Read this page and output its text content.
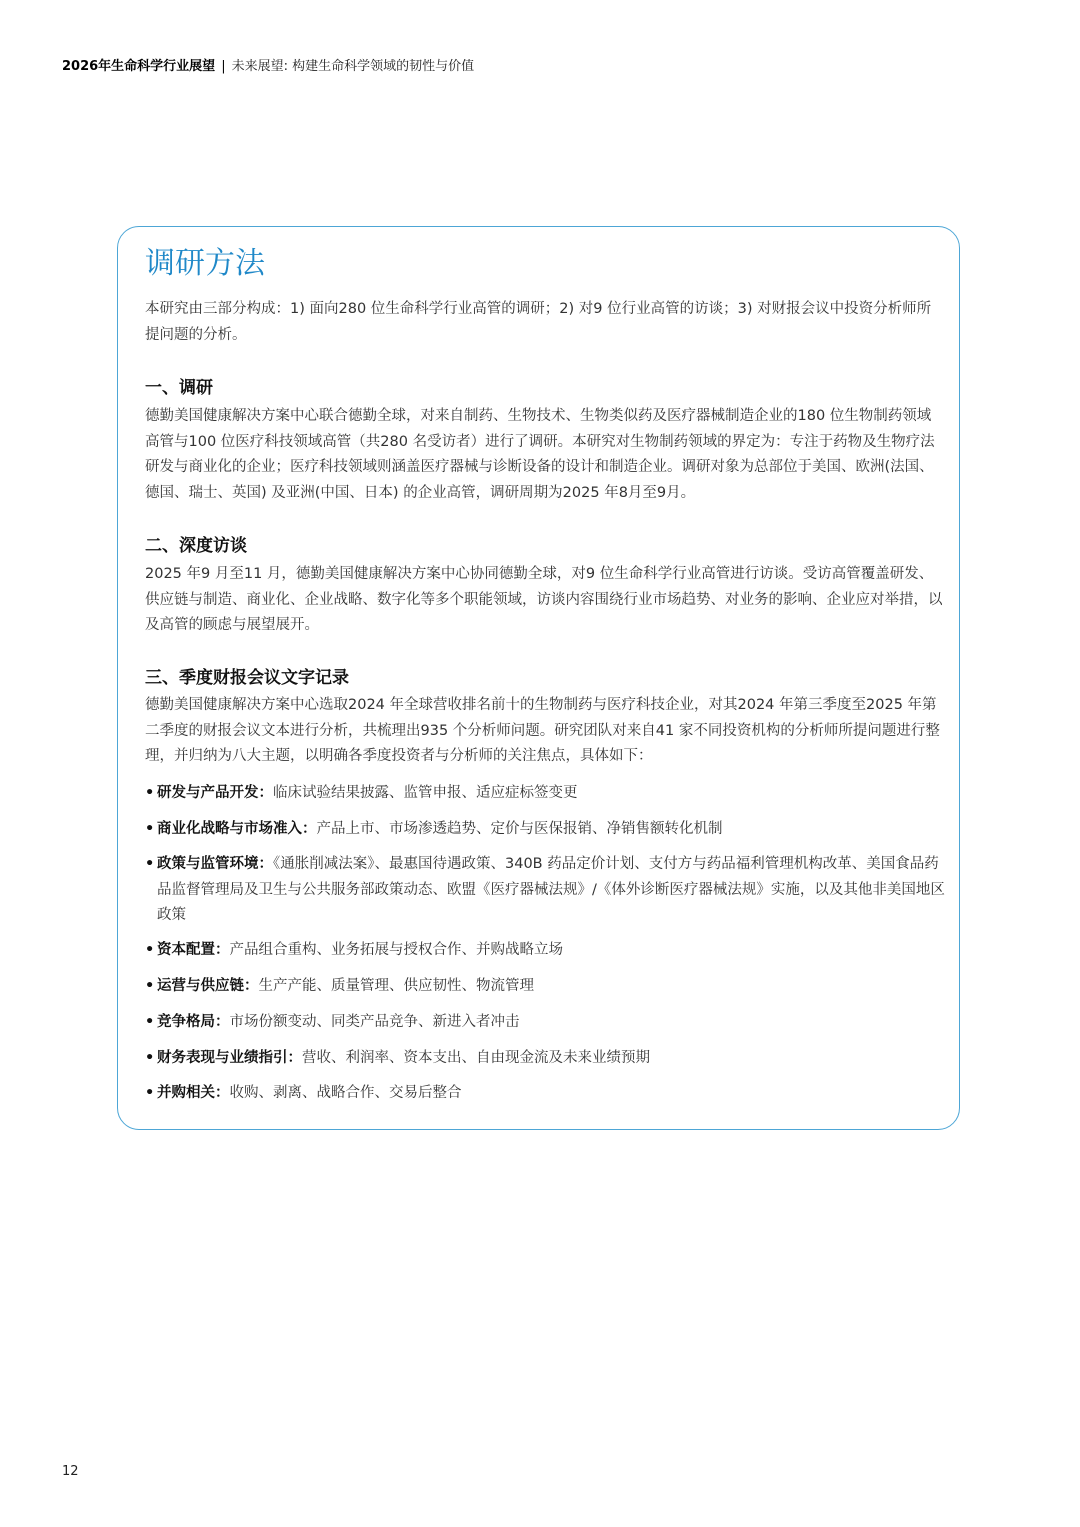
2026年生命科学行业展望 | 未来展望: 构建生命科学领域的韧性与价值
调研方法
本研究由三部分构成：1) 面向280 位生命科学行业高管的调研；2) 对9 位行业高管的访谈；3) 对财报会议中投资分析师所提问题的分析。
一、调研
德勤美国健康解决方案中心联合德勤全球，对来自制药、生物技术、生物类似药及医疗器械制造企业的180 位生物制药领域高管与100 位医疗科技领域高管（共280 名受访者）进行了调研。本研究对生物制药领域的界定为：专注于药物及生物疗法研发与商业化的企业；医疗科技领域则涵盖医疗器械与诊断设备的设计和制造企业。调研对象为总部位于美国、欧洲(法国、德国、瑞士、英国) 及亚洲(中国、日本) 的企业高管，调研周期为2025 年8月至9月。
二、深度访谈
2025 年9 月至11 月，德勤美国健康解决方案中心协同德勤全球，对9 位生命科学行业高管进行访谈。受访高管覆盖研发、供应链与制造、商业化、企业战略、数字化等多个职能领域，访谈内容围绕行业市场趋势、对业务的影响、企业应对举措，以及高管的顾虑与展望展开。
三、季度财报会议文字记录
德勤美国健康解决方案中心选取2024 年全球营收排名前十的生物制药与医疗科技企业，对其2024 年第三季度至2025 年第二季度的财报会议文本进行分析，共梳理出935 个分析师问题。研究团队对来自41 家不同投资机构的分析师所提问题进行整理，并归纳为八大主题，以明确各季度投资者与分析师的关注焦点，具体如下：
• 研发与产品开发：临床试验结果披露、监管申报、适应症标签变更
• 商业化战略与市场准入：产品上市、市场渗透趋势、定价与医保报销、净销售额转化机制
• 政策与监管环境：《通胀削减法案》、最惠国待遇政策、340B 药品定价计划、支付方与药品福利管理机构改革、美国食品药品监督管理局及卫生与公共服务部政策动态、欧盟《医疗器械法规》/《体外诊断医疗器械法规》实施，以及其他非美国地区政策
• 资本配置：产品组合重构、业务拓展与授权合作、并购战略立场
• 运营与供应链：生产产能、质量管理、供应韧性、物流管理
• 竞争格局：市场份额变动、同类产品竞争、新进入者冲击
• 财务表现与业绩指引：营收、利润率、资本支出、自由现金流及未来业绩预期
• 并购相关：收购、剥离、战略合作、交易后整合
12
